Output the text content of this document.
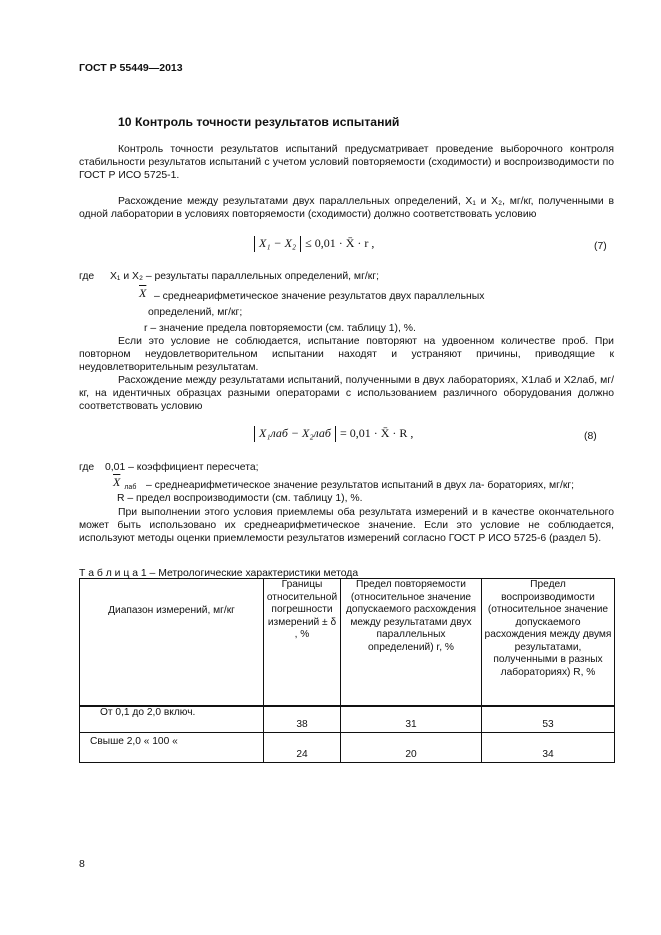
ГОСТ Р 55449—2013
10 Контроль точности результатов испытаний
Контроль точности результатов испытаний предусматривает проведение выборочного контроля стабильности результатов испытаний с учетом условий повторяемости (сходимости) и воспроизводимости по ГОСТ Р ИСО 5725-1.
Расхождение между результатами двух параллельных определений, X₁ и X₂, мг/кг, полученными в одной лаборатории в условиях повторяемости (сходимости) должно соответствовать условию
X₁ − X₂ ≤ 0,01 · X̄ · r ,	(7)
где X₁ и X₂ – результаты параллельных определений, мг/кг;
$\overline{X}$ – среднеарифметическое значение результатов двух параллельных
определений, мг/кг;
r – значение предела повторяемости (см. таблицу 1), %.
Если это условие не соблюдается, испытание повторяют на удвоенном количестве проб. При повторном неудовлетворительном испытании находят и устраняют причины, приводящие к неудовлетворительным результатам.
Расхождение между результатами испытаний, полученными в двух лабораториях, X1лаб и X2лаб, мг/кг, на идентичных образцах разными операторами с использованием различного оборудования должно соответствовать условию
X₁лаб − X₂лаб = 0,01 · X̄ · R ,	(8)
где 0,01 – коэффициент пересчета;
$\overline{X}$ $_{лаб}$ – среднеарифметическое значение результатов испытаний в двух ла- бораториях, мг/кг;
R – предел воспроизводимости (см. таблицу 1), %.
При выполнении этого условия приемлемы оба результата измерений и в качестве окончательного может быть использовано их среднеарифметическое значение. Если это условие не соблюдается, используют методы оценки приемлемости результатов измерений согласно ГОСТ Р ИСО 5725-6 (раздел 5).
Т а б л и ц а 1 – Метрологические характеристики метода
Диапазон измерений, мг/кг	Границы относительной погрешности измерений ± δ , %	Предел повторяемости (относительное значение допускаемого расхождения между результатами двух параллельных определений) r, %	Предел воспроизводимости (относительное значение допускаемого расхождения между двумя результатами, полученными в разных лабораториях) R, %
От 0,1 до 2,0 включ.	38	31	53
Свыше 2,0 « 100 «	24	20	34
8
